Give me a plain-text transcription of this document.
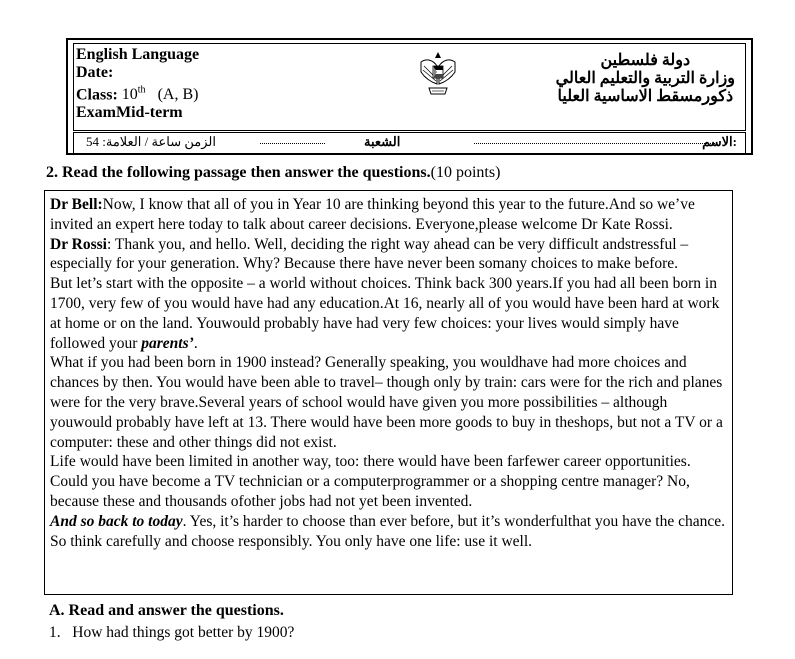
English Language
Date:
Class: 10th (A, B)
ExamMid-term
دولة فلسطين
وزارة التربية والتعليم العالي
ذكورمسقط الاساسية العليا
الاسم:
الشعبة
الزمن ساعة / العلامة: 54
2. Read the following passage then answer the questions.(10 points)

Dr Bell:Now, I know that all of you in Year 10 are thinking beyond this year to the future.And so we’ve invited an expert here today to talk about career decisions. Everyone,please welcome Dr Kate Rossi.

Dr Rossi: Thank you, and hello. Well, deciding the right way ahead can be very difficult andstressful –especially for your generation. Why? Because there have never been somany choices to make before.

But let’s start with the opposite – a world without choices. Think back 300 years.If you had all been born in 1700, very few of you would have had any education.At 16, nearly all of you would have been hard at work at home or on the land. Youwould probably have had very few choices: your lives would simply have followed your parents’.

What if you had been born in 1900 instead? Generally speaking, you wouldhave had more choices and chances by then. You would have been able to travel– though only by train: cars were for the rich and planes were for the very brave.Several years of school would have given you more possibilities – although youwould probably have left at 13. There would have been more goods to buy in theshops, but not a TV or a computer: these and other things did not exist.

Life would have been limited in another way, too: there would have been farfewer career opportunities. Could you have become a TV technician or a computerprogrammer or a shopping centre manager? No, because these and thousands ofother jobs had not yet been invented.

And so back to today. Yes, it’s harder to choose than ever before, but it’s wonderfulthat you have the chance. So think carefully and choose responsibly. You only have one life: use it well.

A. Read and answer the questions.
1. How had things got better by 1900?
